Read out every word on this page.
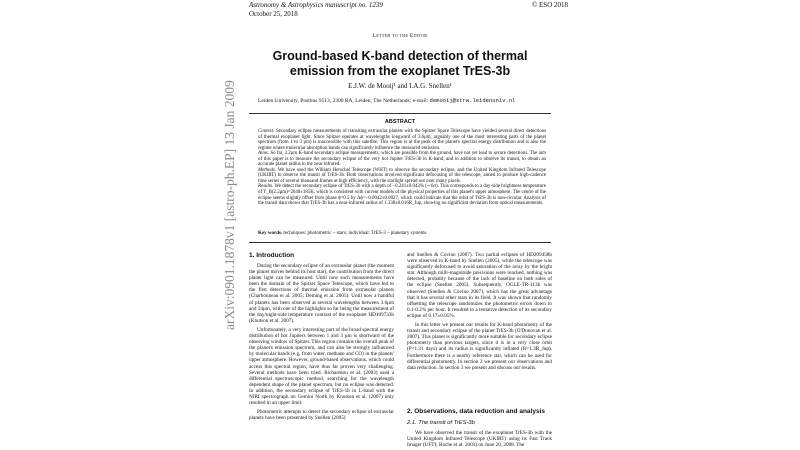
Astronomy & Astrophysics manuscript no. 1239
October 25, 2018
© ESO 2018
Letter to the Editor
Ground-based K-band detection of thermal emission from the exoplanet TrES-3b
E.J.W. de Mooij¹ and I.A.G. Snellen¹
Leiden University, Postbus 9513, 2300 RA, Leiden, The Netherlands; e-mail: demooij@strw.leidenuniv.nl
ABSTRACT

Context. Secondary eclipse measurements of transiting extrasolar planets with the Spitzer Space Telescope have yielded several direct detections of thermal exoplanet light. Since Spitzer operates at wavelengths longward of 3.6μm, arguably one of the most interesting parts of the planet spectrum (from 1 to 3 μm) is inaccessible with this satellite. This region is at the peak of the planet's spectral energy distribution and is also the regime where molecular absorption bands can significantly influence the measured emission.

Aims. So far, 2.2μm K-band secondary eclipse measurements, which are possible from the ground, have not yet lead to secure detections. The aim of this paper is to measure the secondary eclipse of the very hot Jupiter TrES-3b in K-band, and in addition to observe its transit, to obtain an accurate planet radius in the near infrared.

Methods. We have used the William Herschel Telescope (WHT) to observe the secondary eclipse, and the United Kingdom Infrared Telescope (UKIRT) to observe the transit of TrES-3b. Both observations involved significant defocusing of the telescope, aimed to produce high-cadence time series of several thousand frames at high efficiency, with the starlight spread out over many pixels.

Results. We detect the secondary eclipse of TrES-3b with a depth of −0.241±0.043% (∼6σ). This corresponds to a day-side brightness temperature of T_B(2.2μm)=2040±185K, which is consistent with current models of the physical properties of this planet's upper atmosphere. The centre of the eclipse seems slightly offset from phase ϕ=0.5 by Δϕ=−0.0042±0.0027, which could indicate that the orbit of TrES-3b is non-circular. Analysis of the transit data shows that TrES-3b has a near-infrared radius of 1.338±0.016R_Jup, showing no significant deviation from optical measurements.

Key words. techniques: photometric – stars: individual: TrES-3 – planetary systems
arXiv:0901.1878v1 [astro-ph.EP] 13 Jan 2009	1. Introduction

During the secondary eclipse of an extrasolar planet (the moment the planet moves behind its host star), the contribution from the direct planet light can be measured. Until now such measurements have been the domain of the Spitzer Space Telescope, which have led to the first detections of thermal emission from extrasolar planets (Charbonneau et al. 2005; Deming et al. 2005). Until now a handful of planets has been observed at several wavelengths between 3.6μm and 24μm, with one of the highlights so far being the measurement of the day/night-side temperature contrast of the exoplanet HD189733b (Knutson et al. 2007).

Unfortunately, a very interesting part of the broad spectral energy distribution of hot Jupiters between 1 and 3 μm is shortward of the observing window of Spitzer. This region contains the overall peak of the planet's emission spectrum, and can also be strongly influenced by molecular bands (e.g. from water, methane and CO) in the planets' upper atmosphere. However, ground-based observations, which could access this spectral region, have thus far proven very challenging. Several methods have been tried. Richardson et al. (2003) used a differential spectroscopic method, searching for the wavelength dependent shape of the planet spectrum, but no eclipse was detected. In addition, the secondary eclipse of TrES-1b in L-band with the NIRI spectrograph on Gemini North by Knutson et al. (2007) only resulted in an upper limit.

Photometric attempts to detect the secondary eclipse of extrasolar planets have been presented by Snellen (2005)

and Snellen & Covino (2007). Two partial eclipses of HD209458b were observed in K-band by Snellen (2005), while the telescope was significantly defocused to avoid saturation of the array by the bright star. Although milli-magnitude precisions were reached, nothing was detected, probably because of the lack of baseline on both sides of the eclipse (Snellen 2005). Subsequently, OGLE-TR-113b was observed (Snellen & Covino 2007), which has the great advantage that it has several other stars in its field. It was shown that randomly offsetting the telescope randomizes the photometric errors down to 0.1-0.2% per hour. It resulted in a tentative detection of its secondary eclipse of 0.17±0.05%.

In this letter we present our results for K-band photometry of the transit and secondary eclipse of the planet TrES-3b (O'Donovan et al. 2007). This planet is significantly more suitable for secondary eclipse photometry than previous targets, since it is in a very close orbit (P=1.31 days) and its radius is significantly inflated (R=1.3R_Jup). Furthermore there is a nearby reference star, which can be used for differential photometry. In section 2 we present our observations and data reduction. In section 3 we present and discuss our results.

2. Observations, data reduction and analysis
2.1. The transit of TrES-3b
We have observed the transit of the exoplanet TrES-3b with the United Kingdom Infrared Telescope (UKIRT) using its Fast Track Imager (UFTI; Roche et al. 2003) on June 20, 2008. The
